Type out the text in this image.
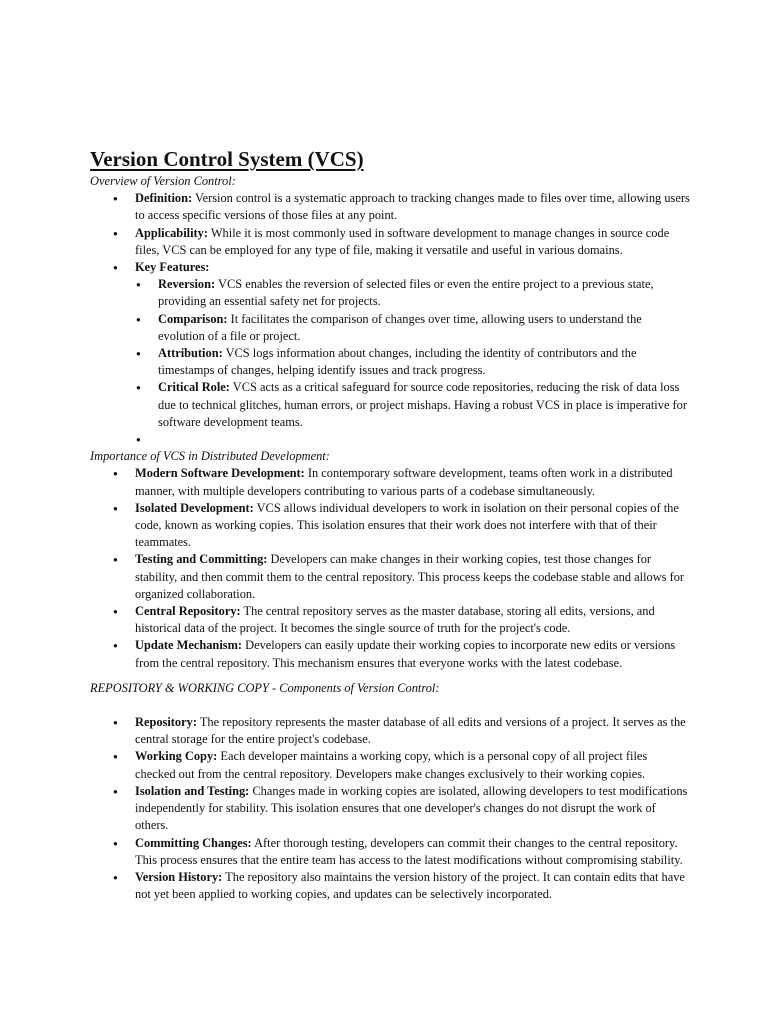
Version Control System (VCS)

Overview of Version Control:

● Definition: Version control is a systematic approach to tracking changes made to files over time, allowing users to access specific versions of those files at any point.
● Applicability: While it is most commonly used in software development to manage changes in source code files, VCS can be employed for any type of file, making it versatile and useful in various domains.
● Key Features:
● Reversion: VCS enables the reversion of selected files or even the entire project to a previous state, providing an essential safety net for projects.
● Comparison: It facilitates the comparison of changes over time, allowing users to understand the evolution of a file or project.
● Attribution: VCS logs information about changes, including the identity of contributors and the timestamps of changes, helping identify issues and track progress.
● Critical Role: VCS acts as a critical safeguard for source code repositories, reducing the risk of data loss due to technical glitches, human errors, or project mishaps. Having a robust VCS in place is imperative for software development teams.
●

Importance of VCS in Distributed Development:

● Modern Software Development: In contemporary software development, teams often work in a distributed manner, with multiple developers contributing to various parts of a codebase simultaneously.
● Isolated Development: VCS allows individual developers to work in isolation on their personal copies of the code, known as working copies. This isolation ensures that their work does not interfere with that of their teammates.
● Testing and Committing: Developers can make changes in their working copies, test those changes for stability, and then commit them to the central repository. This process keeps the codebase stable and allows for organized collaboration.
● Central Repository: The central repository serves as the master database, storing all edits, versions, and historical data of the project. It becomes the single source of truth for the project's code.
● Update Mechanism: Developers can easily update their working copies to incorporate new edits or versions from the central repository. This mechanism ensures that everyone works with the latest codebase.

REPOSITORY & WORKING COPY - Components of Version Control:

● Repository: The repository represents the master database of all edits and versions of a project. It serves as the central storage for the entire project's codebase.
● Working Copy: Each developer maintains a working copy, which is a personal copy of all project files checked out from the central repository. Developers make changes exclusively to their working copies.
● Isolation and Testing: Changes made in working copies are isolated, allowing developers to test modifications independently for stability. This isolation ensures that one developer's changes do not disrupt the work of others.
● Committing Changes: After thorough testing, developers can commit their changes to the central repository. This process ensures that the entire team has access to the latest modifications without compromising stability.
● Version History: The repository also maintains the version history of the project. It can contain edits that have not yet been applied to working copies, and updates can be selectively incorporated.
